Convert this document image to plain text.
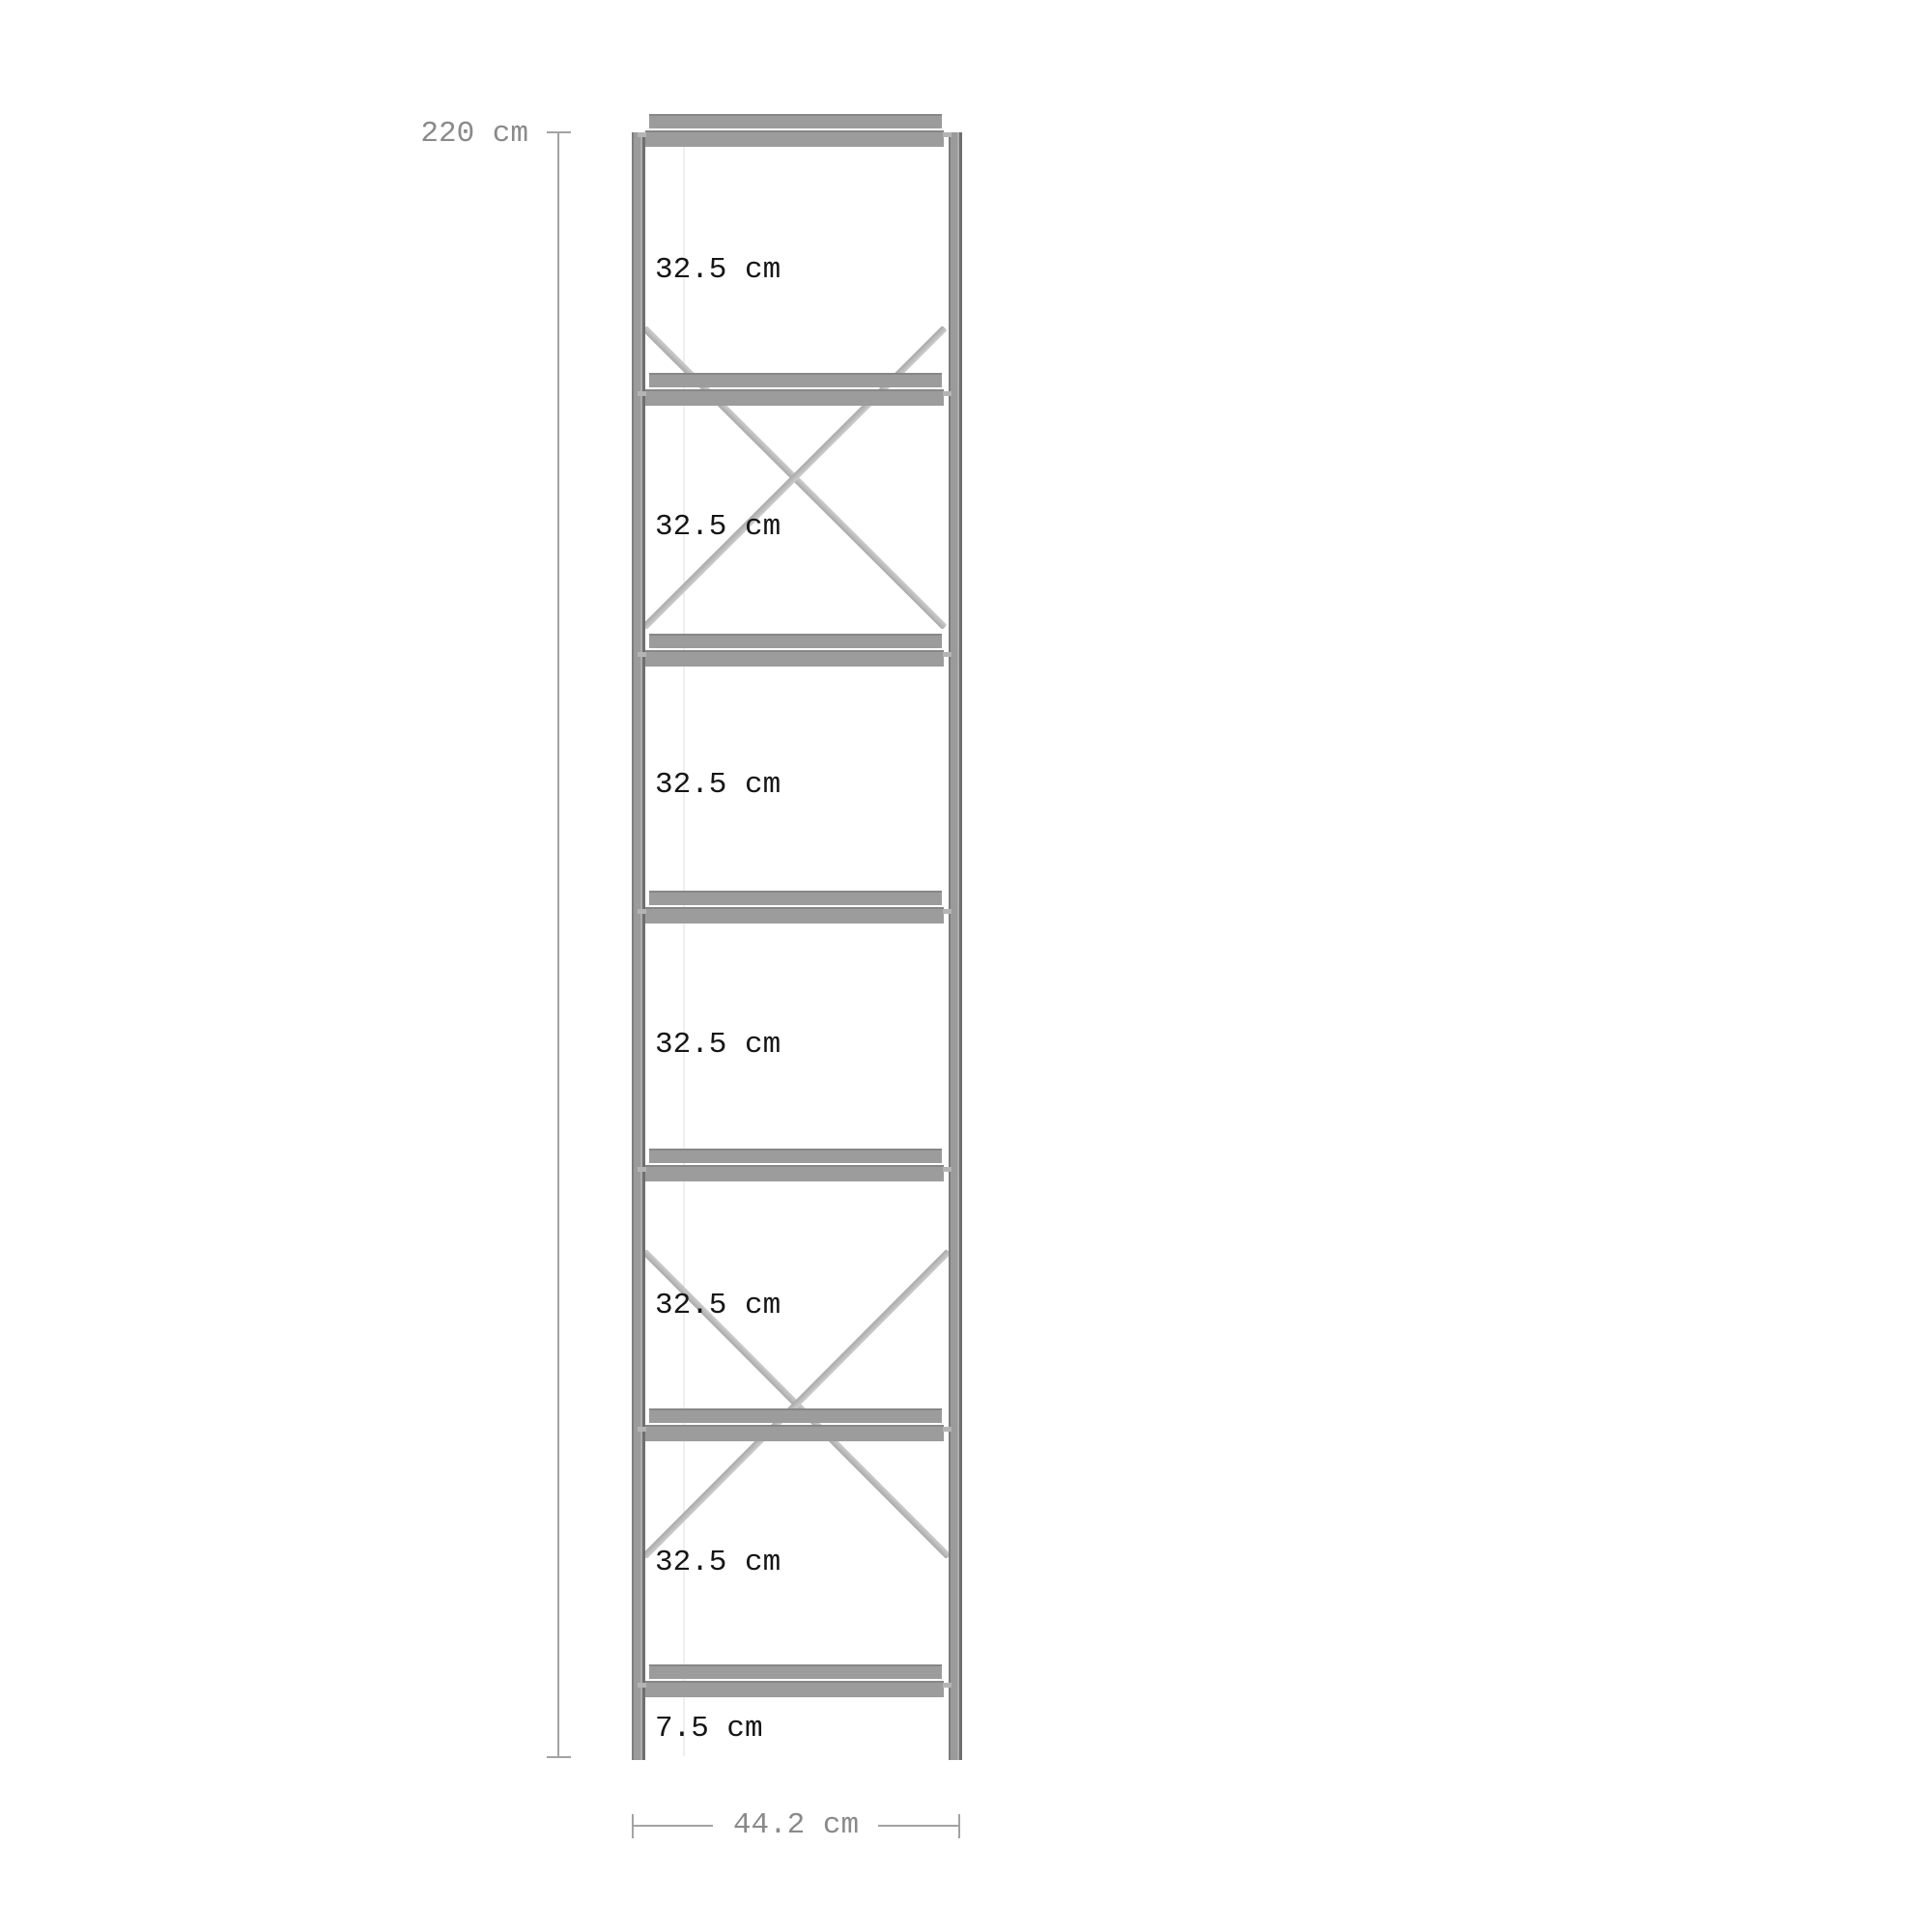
32.5 cm
32.5 cm
32.5 cm
32.5 cm
32.5 cm
32.5 cm
7.5 cm
220 cm
44.2 cm
